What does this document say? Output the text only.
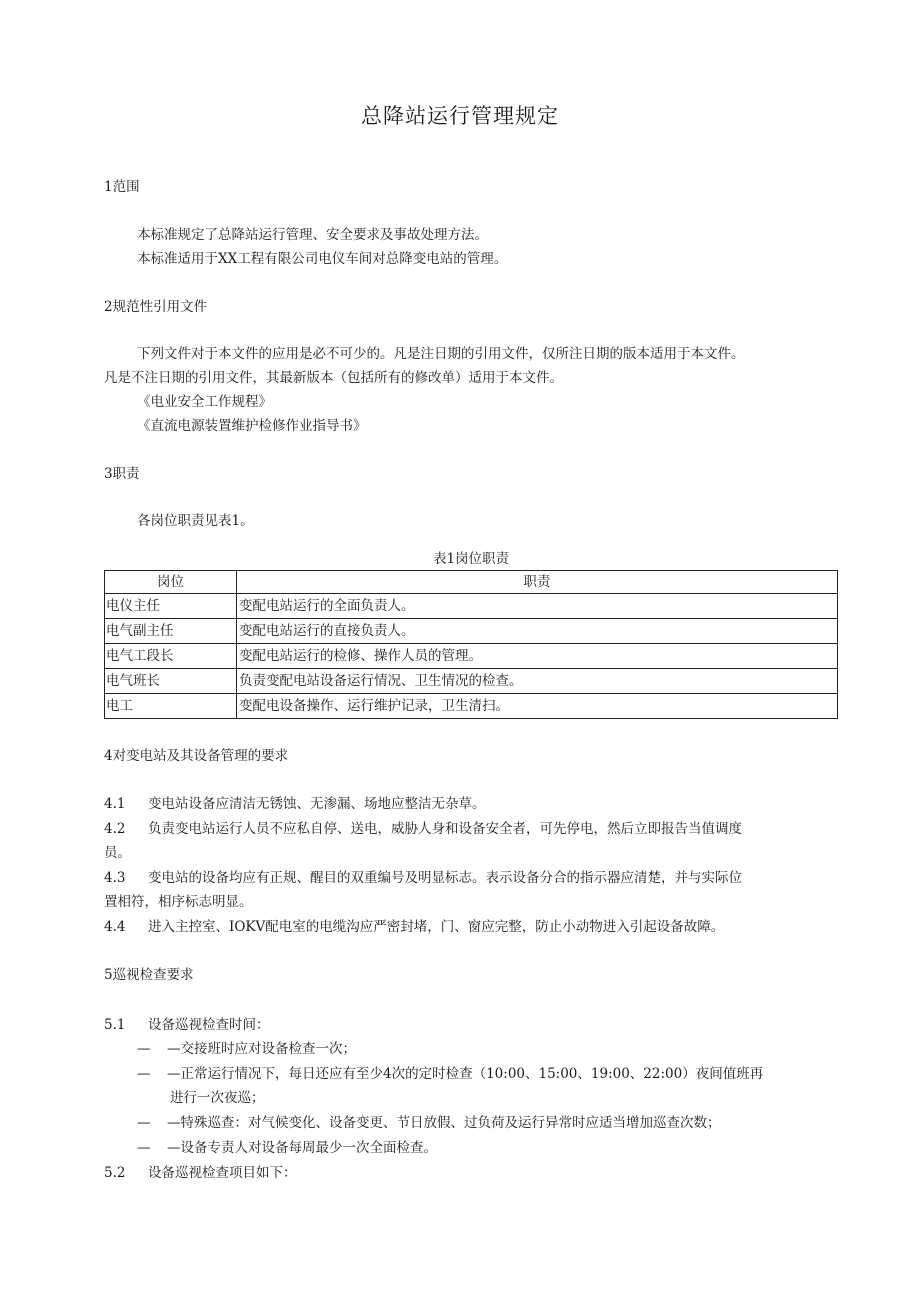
总降站运行管理规定
1范围
本标准规定了总降站运行管理、安全要求及事故处理方法。
本标准适用于XX工程有限公司电仪车间对总降变电站的管理。
2规范性引用文件
下列文件对于本文件的应用是必不可少的。凡是注日期的引用文件，仅所注日期的版本适用于本文件。
凡是不注日期的引用文件，其最新版本（包括所有的修改单）适用于本文件。
《电业安全工作规程》
《直流电源装置维护检修作业指导书》
3职责
各岗位职责见表1。
表1岗位职责
岗位	职责
电仪主任	变配电站运行的全面负责人。
电气副主任	变配电站运行的直接负责人。
电气工段长	变配电站运行的检修、操作人员的管理。
电气班长	负责变配电站设备运行情况、卫生情况的检查。
电工	变配电设备操作、运行维护记录，卫生清扫。
4对变电站及其设备管理的要求
4.1 变电站设备应清洁无锈蚀、无渗漏、场地应整洁无杂草。
4.2 负责变电站运行人员不应私自停、送电，威胁人身和设备安全者，可先停电，然后立即报告当值调度
员。
4.3 变电站的设备均应有正规、醒目的双重编号及明显标志。表示设备分合的指示器应清楚，并与实际位
置相符，相序标志明显。
4.4 进入主控室、IOKV配电室的电缆沟应严密封堵，门、窗应完整，防止小动物进入引起设备故障。
5巡视检查要求
5.1 设备巡视检查时间：
— —交接班时应对设备检查一次；
— —正常运行情况下，每日还应有至少4次的定时检查（10:00、15:00、19:00、22:00）夜间值班再
进行一次夜巡；
— —特殊巡查：对气候变化、设备变更、节日放假、过负荷及运行异常时应适当增加巡查次数；
— —设备专责人对设备每周最少一次全面检查。
5.2 设备巡视检查项目如下：
